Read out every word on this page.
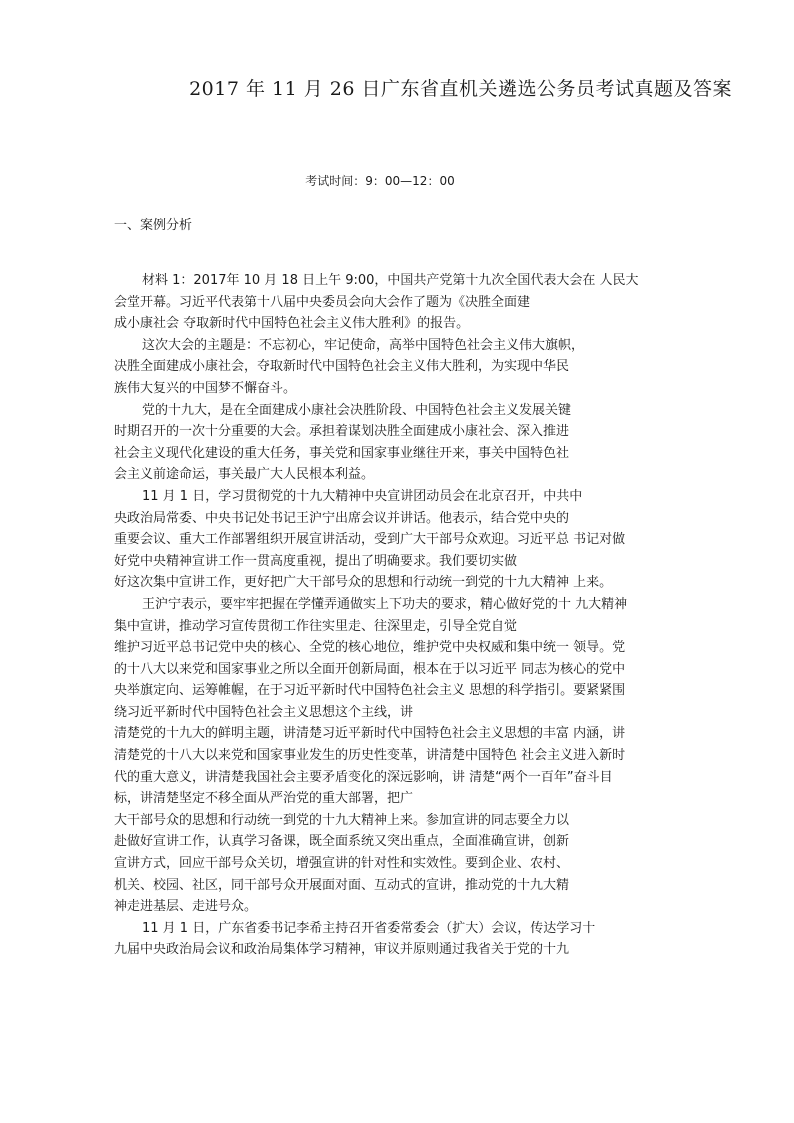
2017 年 11 月 26 日广东省直机关遴选公务员考试真题及答案
考试时间：9：00—12：00
一、案例分析
材料 1：2017年 10 月 18 日上午 9:00，中国共产党第十九次全国代表大会在 人民大
会堂开幕。习近平代表第十八届中央委员会向大会作了题为《决胜全面建
成小康社会 夺取新时代中国特色社会主义伟大胜利》的报告。
这次大会的主题是：不忘初心，牢记使命，高举中国特色社会主义伟大旗帜，
决胜全面建成小康社会，夺取新时代中国特色社会主义伟大胜利，为实现中华民
族伟大复兴的中国梦不懈奋斗。
党的十九大，是在全面建成小康社会决胜阶段、中国特色社会主义发展关键
时期召开的一次十分重要的大会。承担着谋划决胜全面建成小康社会、深入推进
社会主义现代化建设的重大任务，事关党和国家事业继往开来，事关中国特色社
会主义前途命运，事关最广大人民根本利益。
11 月 1 日，学习贯彻党的十九大精神中央宣讲团动员会在北京召开，中共中
央政治局常委、中央书记处书记王沪宁出席会议并讲话。他表示，结合党中央的
重要会议、重大工作部署组织开展宣讲活动，受到广大干部号众欢迎。习近平总 书记对做
好党中央精神宣讲工作一贯高度重视，提出了明确要求。我们要切实做
好这次集中宣讲工作，更好把广大干部号众的思想和行动统一到党的十九大精神 上来。
王沪宁表示，要牢牢把握在学懂弄通做实上下功夫的要求，精心做好党的十 九大精神
集中宣讲，推动学习宣传贯彻工作往实里走、往深里走，引导全党自觉
维护习近平总书记党中央的核心、全党的核心地位，维护党中央权威和集中统一 领导。党
的十八大以来党和国家事业之所以全面开创新局面，根本在于以习近平 同志为核心的党中
央举旗定向、运筹帷幄，在于习近平新时代中国特色社会主义 思想的科学指引。要紧紧围
绕习近平新时代中国特色社会主义思想这个主线，讲
清楚党的十九大的鲜明主题，讲清楚习近平新时代中国特色社会主义思想的丰富 内涵，讲
清楚党的十八大以来党和国家事业发生的历史性变革，讲清楚中国特色 社会主义进入新时
代的重大意义，讲清楚我国社会主要矛盾变化的深远影响，讲 清楚“两个一百年”奋斗目
标，讲清楚坚定不移全面从严治党的重大部署，把广
大干部号众的思想和行动统一到党的十九大精神上来。参加宣讲的同志要全力以
赴做好宣讲工作，认真学习备课，既全面系统又突出重点，全面准确宣讲，创新
宣讲方式，回应干部号众关切，增强宣讲的针对性和实效性。要到企业、农村、
机关、校园、社区，同干部号众开展面对面、互动式的宣讲，推动党的十九大精
神走进基层、走进号众。
11 月 1 日，广东省委书记李希主持召开省委常委会（扩大）会议，传达学习十
九届中央政治局会议和政治局集体学习精神，审议并原则通过我省关于党的十九
